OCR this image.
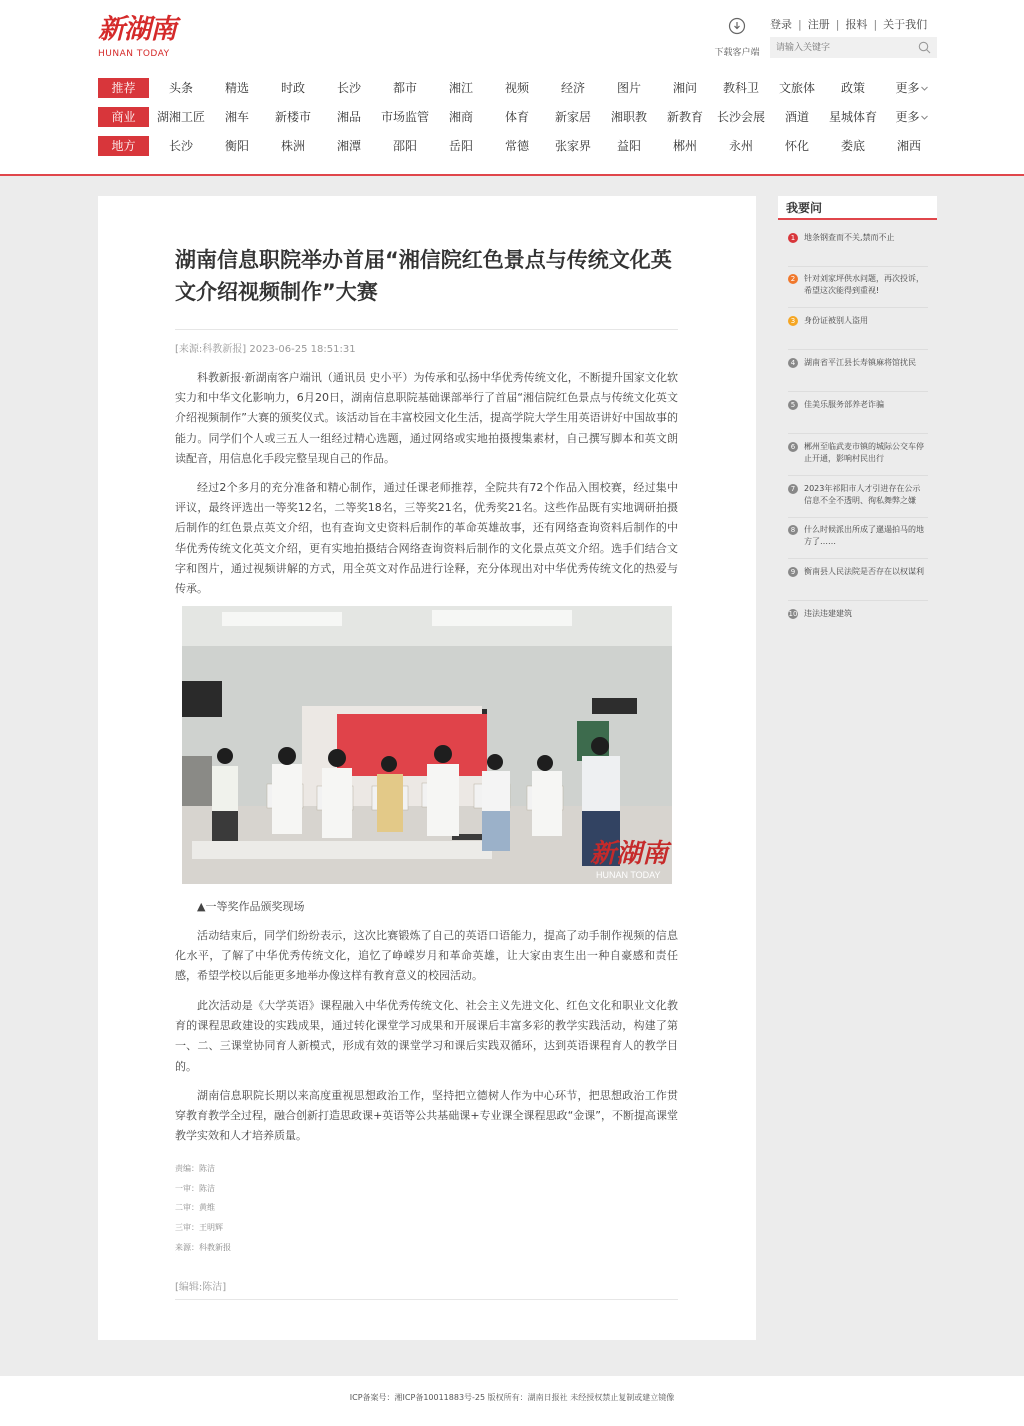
新湖南
HUNAN TODAY	下载客户端
登录 | 注册 | 报料 | 关于我们
请输入关键字
推荐	头条	精选	时政	长沙	都市	湘江	视频	经济	图片	湘问	教科卫	文旅体	政策	更多
商业	湖湘工匠	湘车	新楼市	湘品	市场监管	湘商	体育	新家居	湘职教	新教育	长沙会展	酒道	星城体育	更多
地方	长沙	衡阳	株洲	湘潭	邵阳	岳阳	常德	张家界	益阳	郴州	永州	怀化	娄底	湘西
湖南信息职院举办首届“湘信院红色景点与传统文化英文介绍视频制作”大赛
[来源:科教新报] 2023-06-25 18:51:31

科教新报·新湖南客户端讯（通讯员 史小平）为传承和弘扬中华优秀传统文化，不断提升国家文化软实力和中华文化影响力，6月20日，湖南信息职院基础课部举行了首届“湘信院红色景点与传统文化英文介绍视频制作”大赛的颁奖仪式。该活动旨在丰富校园文化生活，提高学院大学生用英语讲好中国故事的能力。同学们个人或三五人一组经过精心选题，通过网络或实地拍摄搜集素材，自己撰写脚本和英文朗读配音，用信息化手段完整呈现自己的作品。

经过2个多月的充分准备和精心制作，通过任课老师推荐，全院共有72个作品入围校赛，经过集中评议，最终评选出一等奖12名，二等奖18名，三等奖21名，优秀奖21名。这些作品既有实地调研拍摄后制作的红色景点英文介绍，也有查询文史资料后制作的革命英雄故事，还有网络查询资料后制作的中华优秀传统文化英文介绍，更有实地拍摄结合网络查询资料后制作的文化景点英文介绍。选手们结合文字和图片，通过视频讲解的方式，用全英文对作品进行诠释，充分体现出对中华优秀传统文化的热爱与传承。

新湖南
HUNAN TODAY
▲一等奖作品颁奖现场

活动结束后，同学们纷纷表示，这次比赛锻炼了自己的英语口语能力，提高了动手制作视频的信息化水平，了解了中华优秀传统文化，追忆了峥嵘岁月和革命英雄，让大家由衷生出一种自豪感和责任感，希望学校以后能更多地举办像这样有教育意义的校园活动。

此次活动是《大学英语》课程融入中华优秀传统文化、社会主义先进文化、红色文化和职业文化教育的课程思政建设的实践成果，通过转化课堂学习成果和开展课后丰富多彩的教学实践活动，构建了第一、二、三课堂协同育人新模式，形成有效的课堂学习和课后实践双循环，达到英语课程育人的教学目的。

湖南信息职院长期以来高度重视思想政治工作，坚持把立德树人作为中心环节，把思想政治工作贯穿教育教学全过程，融合创新打造思政课+英语等公共基础课+专业课全课程思政“金课”，不断提高课堂教学实效和人才培养质量。

责编：陈洁
一审：陈洁
二审：黄维
三审：王明辉
来源：科教新报
[编辑:陈洁]
我要问
1	地条钢查而不关,禁而不止
2	针对刘家坪供水问题，再次投诉，希望这次能得到重视!
3	身份证被别人盗用
4	湖南省平江县长寿镇麻将馆扰民
5	佳美乐服务部养老诈骗
6	郴州至临武麦市镇的城际公交车停止开通，影响村民出行
7	2023年祁阳市人才引进存在公示信息不全不透明、徇私舞弊之嫌
8	什么时候派出所成了邋遢拍马的地方了……
9	衡南县人民法院是否存在以权谋利
10 违法违建建筑
ICP备案号：湘ICP备10011883号-25 版权所有：湖南日报社 未经授权禁止复制或建立镜像
